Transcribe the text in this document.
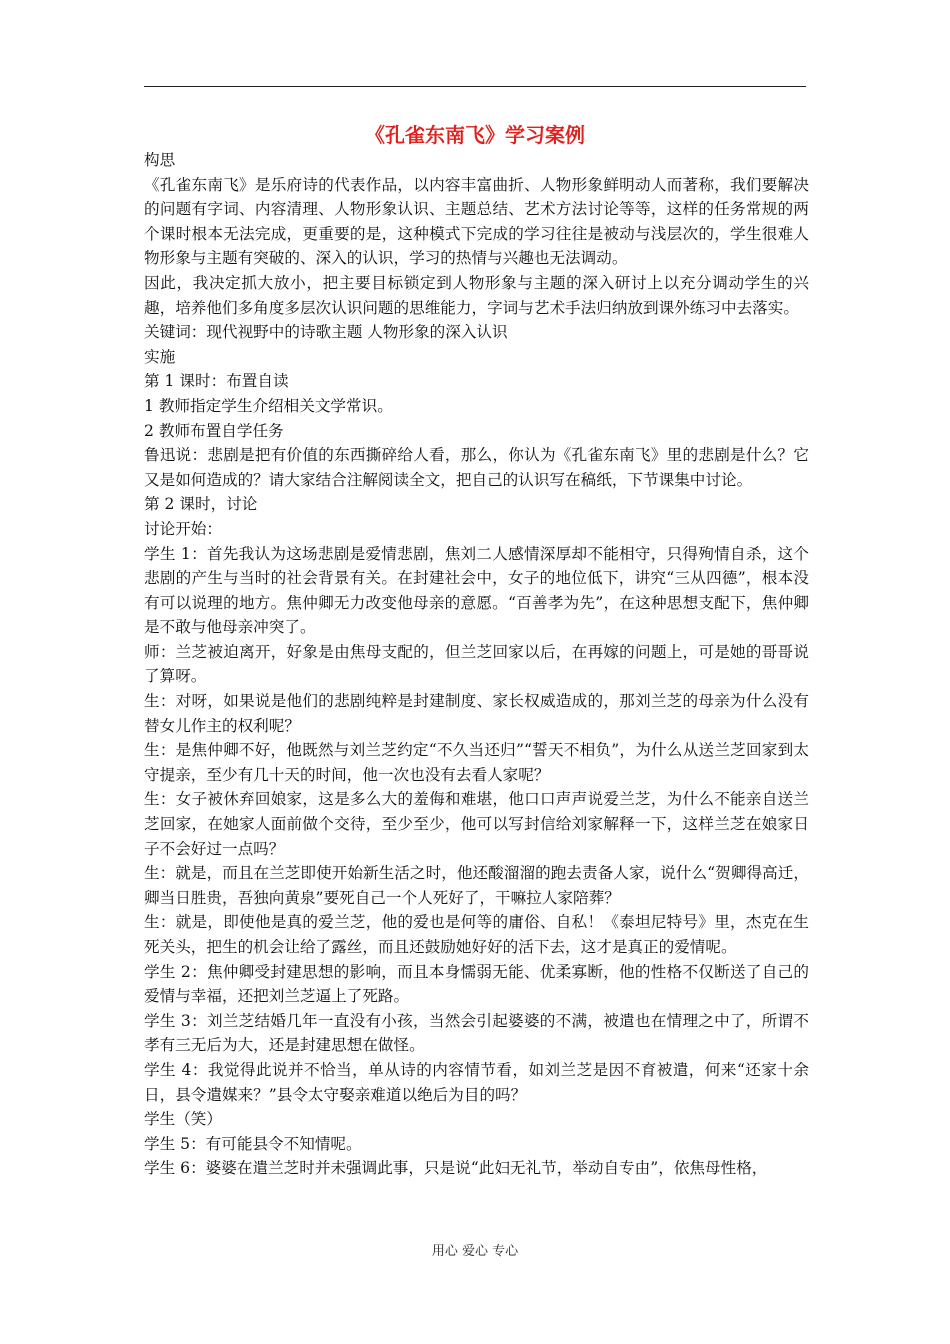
《孔雀东南飞》学习案例

构思

《孔雀东南飞》是乐府诗的代表作品，以内容丰富曲折、人物形象鲜明动人而著称，我们要解决的问题有字词、内容清理、人物形象认识、主题总结、艺术方法讨论等等，这样的任务常规的两个课时根本无法完成，更重要的是，这种模式下完成的学习往往是被动与浅层次的，学生很难人物形象与主题有突破的、深入的认识，学习的热情与兴趣也无法调动。

因此，我决定抓大放小，把主要目标锁定到人物形象与主题的深入研讨上以充分调动学生的兴趣，培养他们多角度多层次认识问题的思维能力，字词与艺术手法归纳放到课外练习中去落实。

关键词：现代视野中的诗歌主题 人物形象的深入认识

实施

第 1 课时：布置自读

1 教师指定学生介绍相关文学常识。

2 教师布置自学任务

鲁迅说：悲剧是把有价值的东西撕碎给人看，那么，你认为《孔雀东南飞》里的悲剧是什么？它又是如何造成的？请大家结合注解阅读全文，把自己的认识写在稿纸，下节课集中讨论。

第 2 课时，讨论

讨论开始：

学生 1：首先我认为这场悲剧是爱情悲剧，焦刘二人感情深厚却不能相守，只得殉情自杀，这个悲剧的产生与当时的社会背景有关。在封建社会中，女子的地位低下，讲究“三从四德”，根本没有可以说理的地方。焦仲卿无力改变他母亲的意愿。“百善孝为先”，在这种思想支配下，焦仲卿是不敢与他母亲冲突了。

师：兰芝被迫离开，好象是由焦母支配的，但兰芝回家以后，在再嫁的问题上，可是她的哥哥说了算呀。

生：对呀，如果说是他们的悲剧纯粹是封建制度、家长权威造成的，那刘兰芝的母亲为什么没有替女儿作主的权利呢？

生：是焦仲卿不好，他既然与刘兰芝约定“不久当还归”“誓天不相负”，为什么从送兰芝回家到太守提亲，至少有几十天的时间，他一次也没有去看人家呢？

生：女子被休弃回娘家，这是多么大的羞侮和难堪，他口口声声说爱兰芝，为什么不能亲自送兰芝回家，在她家人面前做个交待，至少至少，他可以写封信给刘家解释一下，这样兰芝在娘家日子不会好过一点吗？

生：就是，而且在兰芝即使开始新生活之时，他还酸溜溜的跑去责备人家，说什么“贺卿得高迁，卿当日胜贵，吾独向黄泉”要死自己一个人死好了，干嘛拉人家陪葬？

生：就是，即使他是真的爱兰芝，他的爱也是何等的庸俗、自私！《泰坦尼特号》里，杰克在生死关头，把生的机会让给了露丝，而且还鼓励她好好的活下去，这才是真正的爱情呢。

学生 2：焦仲卿受封建思想的影响，而且本身懦弱无能、优柔寡断，他的性格不仅断送了自己的爱情与幸福，还把刘兰芝逼上了死路。

学生 3：刘兰芝结婚几年一直没有小孩，当然会引起婆婆的不满，被遣也在情理之中了，所谓不孝有三无后为大，还是封建思想在做怪。

学生 4：我觉得此说并不恰当，单从诗的内容情节看，如刘兰芝是因不育被遣，何来“还家十余日，县令遣媒来？”县令太守娶亲难道以绝后为目的吗？

学生（笑）

学生 5：有可能县令不知情呢。

学生 6：婆婆在遣兰芝时并未强调此事，只是说“此妇无礼节，举动自专由”，依焦母性格，

用心 爱心 专心
